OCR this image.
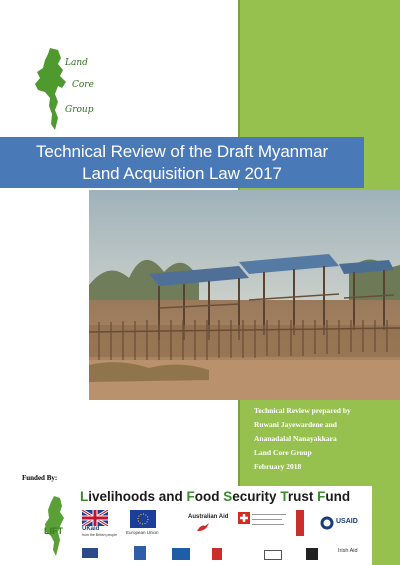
Land
Core
Group
Technical Review of the Draft Myanmar
Land Acquisition Law 2017
Technical Review prepared by
Ruwani Jayewardene and
Ananadalal Nanayakkara
Land Core Group
February 2018
Funded By:
LIFT
Livelihoods and Food Security Trust Fund
UKaid
from the British people European Union
Australian Aid
USAID
Irish Aid
